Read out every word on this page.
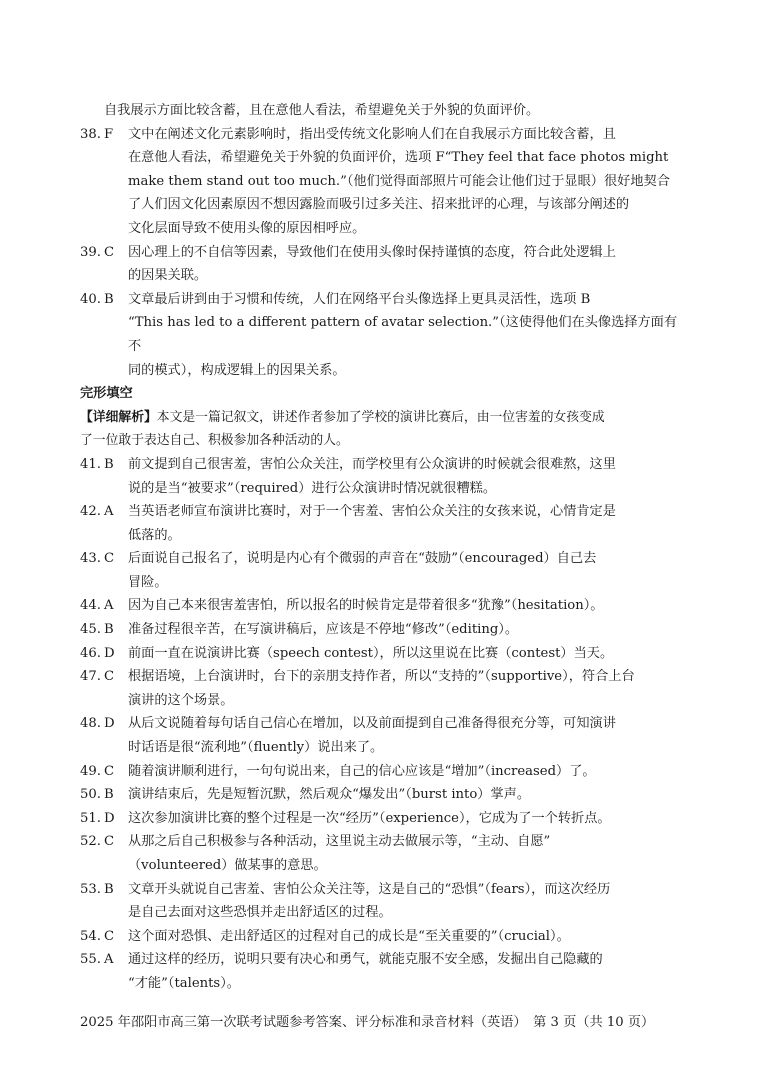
自我展示方面比较含蓄，且在意他人看法，希望避免关于外貌的负面评价。
38. F	文中在阐述文化元素影响时，指出受传统文化影响人们在自我展示方面比较含蓄，且
在意他人看法，希望避免关于外貌的负面评价，选项 F“They feel that face photos might
make them stand out too much.”（他们觉得面部照片可能会让他们过于显眼）很好地契合
了人们因文化因素原因不想因露脸而吸引过多关注、招来批评的心理，与该部分阐述的
文化层面导致不使用头像的原因相呼应。
39. C	因心理上的不自信等因素，导致他们在使用头像时保持谨慎的态度，符合此处逻辑上
的因果关联。
40. B	文章最后讲到由于习惯和传统，人们在网络平台头像选择上更具灵活性，选项 B
“This has led to a different pattern of avatar selection.”（这使得他们在头像选择方面有不
同的模式），构成逻辑上的因果关系。
完形填空
【详细解析】本文是一篇记叙文，讲述作者参加了学校的演讲比赛后，由一位害羞的女孩变成
了一位敢于表达自己、积极参加各种活动的人。
41. B	前文提到自己很害羞，害怕公众关注，而学校里有公众演讲的时候就会很难熬，这里
说的是当“被要求”（required）进行公众演讲时情况就很糟糕。
42. A	当英语老师宣布演讲比赛时，对于一个害羞、害怕公众关注的女孩来说，心情肯定是
低落的。
43. C	后面说自己报名了，说明是内心有个微弱的声音在“鼓励”（encouraged）自己去
冒险。
44. A	因为自己本来很害羞害怕，所以报名的时候肯定是带着很多“犹豫”（hesitation）。
45. B	准备过程很辛苦，在写演讲稿后，应该是不停地“修改”（editing）。
46. D	前面一直在说演讲比赛（speech contest），所以这里说在比赛（contest）当天。
47. C	根据语境，上台演讲时，台下的亲朋支持作者，所以“支持的”（supportive），符合上台
演讲的这个场景。
48. D	从后文说随着每句话自己信心在增加，以及前面提到自己准备得很充分等，可知演讲
时话语是很“流利地”（fluently）说出来了。
49. C	随着演讲顺利进行，一句句说出来，自己的信心应该是“增加”（increased）了。
50. B	演讲结束后，先是短暂沉默，然后观众“爆发出”（burst into）掌声。
51. D	这次参加演讲比赛的整个过程是一次“经历”（experience），它成为了一个转折点。
52. C	从那之后自己积极参与各种活动，这里说主动去做展示等，“主动、自愿”
（volunteered）做某事的意思。
53. B	文章开头就说自己害羞、害怕公众关注等，这是自己的“恐惧”（fears），而这次经历
是自己去面对这些恐惧并走出舒适区的过程。
54. C	这个面对恐惧、走出舒适区的过程对自己的成长是“至关重要的”（crucial）。
55. A	通过这样的经历，说明只要有决心和勇气，就能克服不安全感，发掘出自己隐藏的
“才能”（talents）。
2025 年邵阳市高三第一次联考试题参考答案、评分标准和录音材料（英语）　第 3 页（共 10 页）
